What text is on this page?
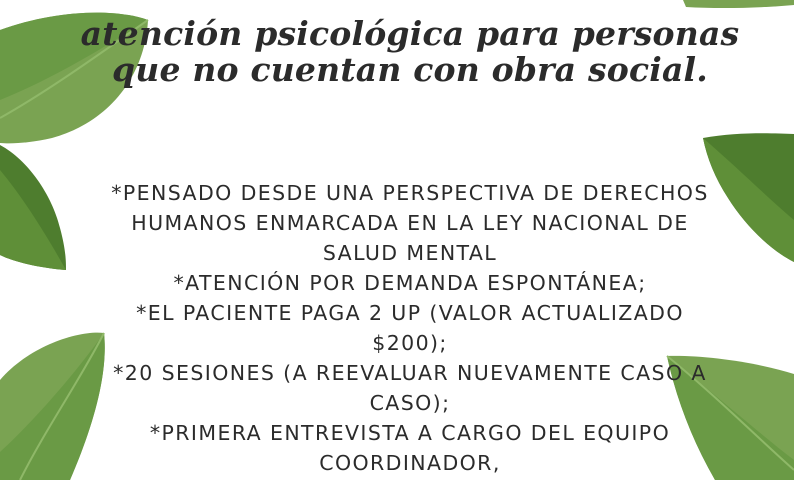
atención psicológica para personas
que no cuentan con obra social.
*PENSADO DESDE UNA PERSPECTIVA DE DERECHOS
HUMANOS ENMARCADA EN LA LEY NACIONAL DE
SALUD MENTAL
*ATENCIÓN POR DEMANDA ESPONTÁNEA;
*EL PACIENTE PAGA 2 UP (VALOR ACTUALIZADO
$200);
*20 SESIONES (A REEVALUAR NUEVAMENTE CASO A
CASO);
*PRIMERA ENTREVISTA A CARGO DEL EQUIPO
COORDINADOR,
